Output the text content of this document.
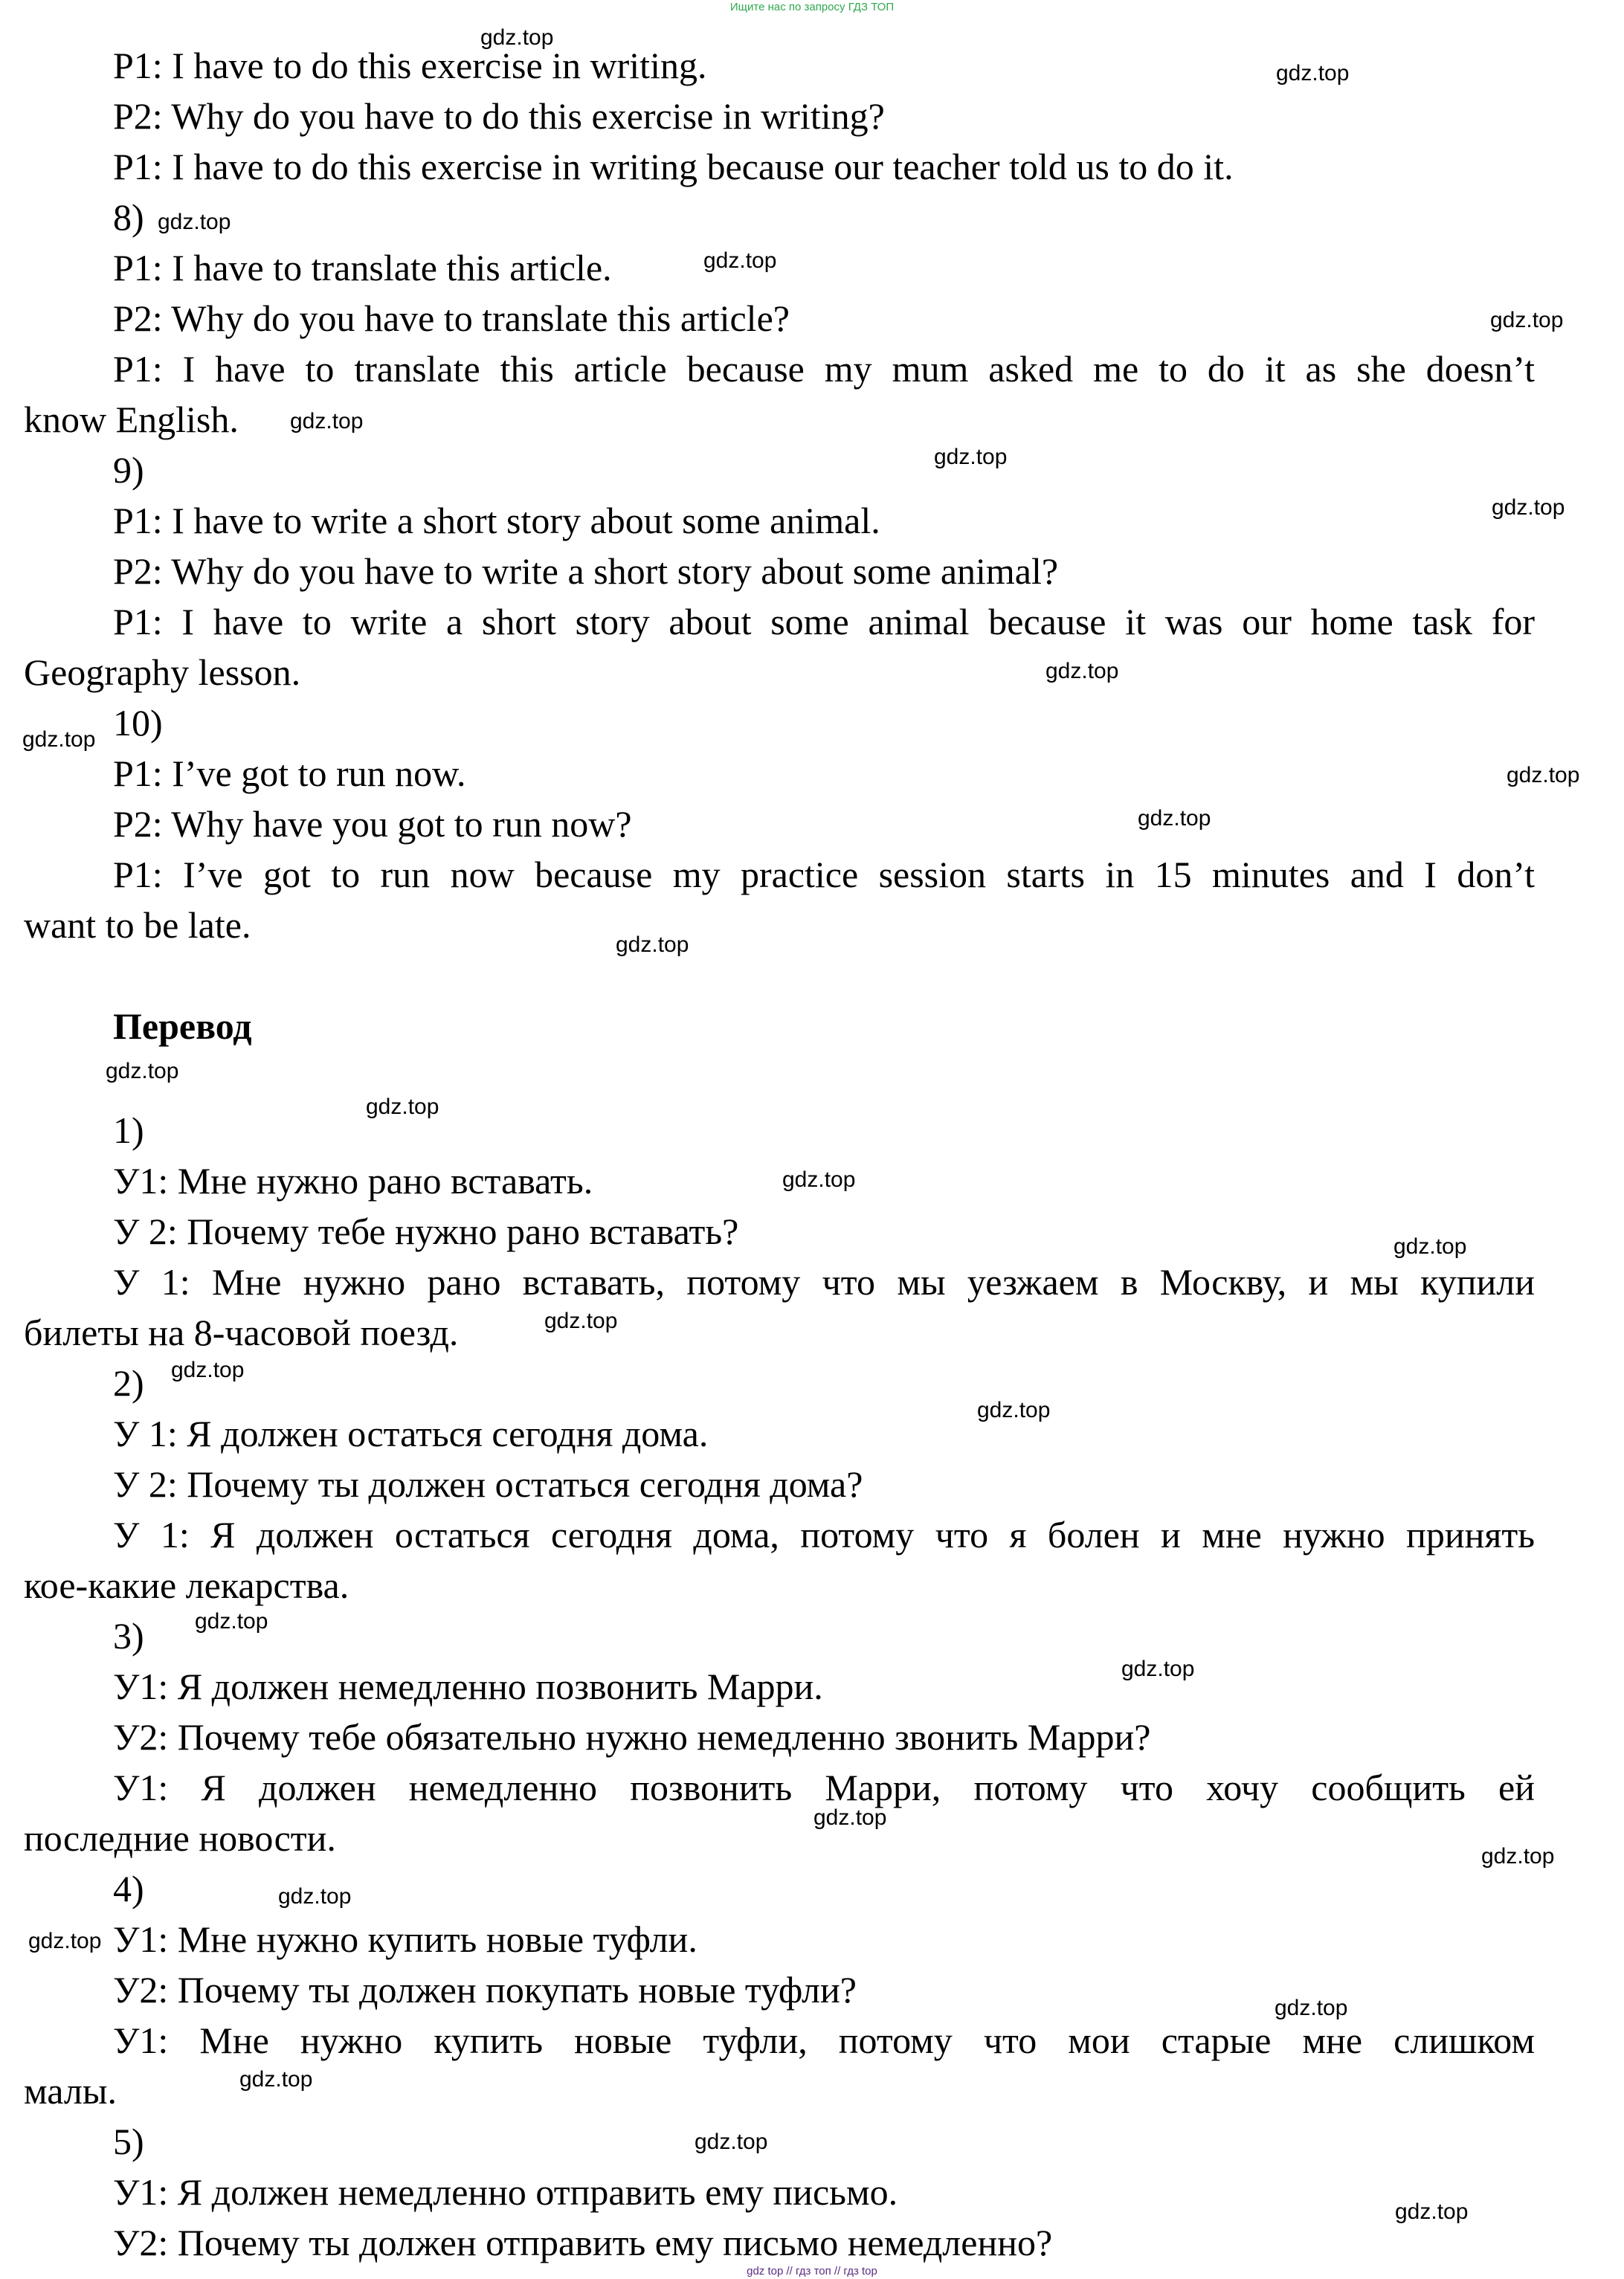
Ищите нас по запросу ГДЗ ТОП
P1: I have to do this exercise in writing.
P2: Why do you have to do this exercise in writing?
P1: I have to do this exercise in writing because our teacher told us to do it.
8)
P1: I have to translate this article.
P2: Why do you have to translate this article?
P1: I have to translate this article because my mum asked me to do it as she doesn’t
know English.
9)
P1: I have to write a short story about some animal.
P2: Why do you have to write a short story about some animal?
P1: I have to write a short story about some animal because it was our home task for
Geography lesson.
10)
P1: I’ve got to run now.
P2: Why have you got to run now?
P1: I’ve got to run now because my practice session starts in 15 minutes and I don’t
want to be late.
Перевод
1)
У1: Мне нужно рано вставать.
У 2: Почему тебе нужно рано вставать?
У 1: Мне нужно рано вставать, потому что мы уезжаем в Москву, и мы купили
билеты на 8-часовой поезд.
2)
У 1: Я должен остаться сегодня дома.
У 2: Почему ты должен остаться сегодня дома?
У 1: Я должен остаться сегодня дома, потому что я болен и мне нужно принять
кое-какие лекарства.
3)
У1: Я должен немедленно позвонить Марри.
У2: Почему тебе обязательно нужно немедленно звонить Марри?
У1: Я должен немедленно позвонить Марри, потому что хочу сообщить ей
последние новости.
4)
У1: Мне нужно купить новые туфли.
У2: Почему ты должен покупать новые туфли?
У1: Мне нужно купить новые туфли, потому что мои старые мне слишком
малы.
5)
У1: Я должен немедленно отправить ему письмо.
У2: Почему ты должен отправить ему письмо немедленно?
gdz.top
gdz.top
gdz.top
gdz.top
gdz.top
gdz.top
gdz.top
gdz.top
gdz.top
gdz.top
gdz.top
gdz.top
gdz.top
gdz.top
gdz.top
gdz.top
gdz.top
gdz.top
gdz.top
gdz.top
gdz.top
gdz.top
gdz.top
gdz.top
gdz.top
gdz.top
gdz.top
gdz.top
gdz.top
gdz.top
gdz top // гдз топ // гдз top
